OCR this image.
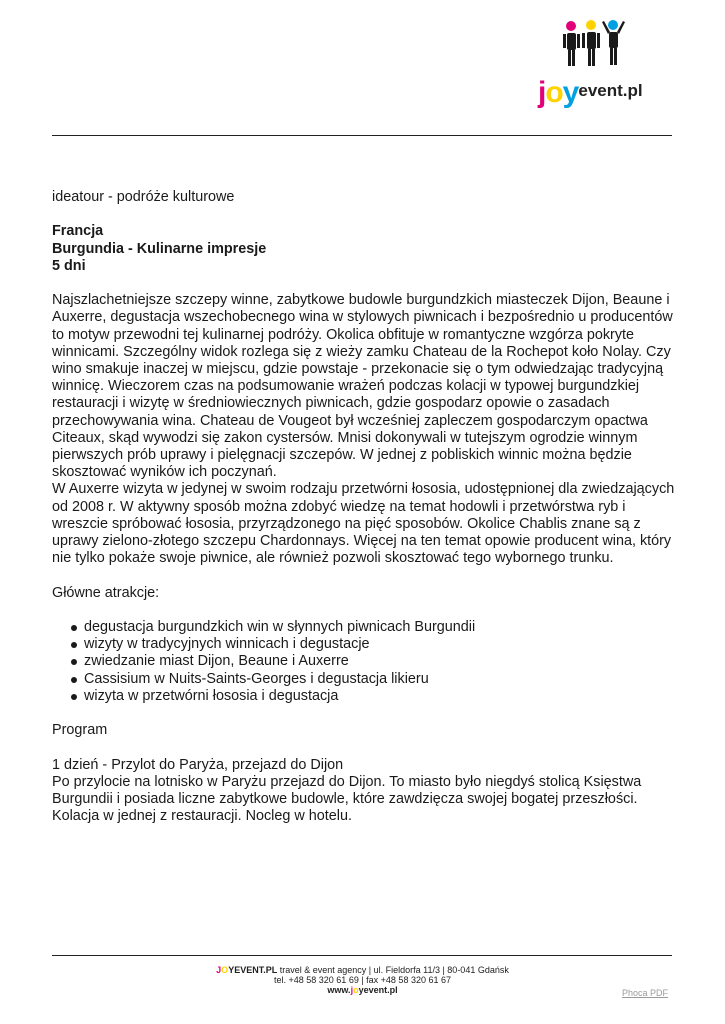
joy$^{event.pl}$

ideatour - podróże kulturowe

Francja

Burgundia - Kulinarne impresje

5 dni

Najszlachetniejsze szczepy winne, zabytkowe budowle burgundzkich miasteczek Dijon, Beaune i Auxerre, degustacja wszechobecnego wina w stylowych piwnicach i bezpośrednio u producentów to motyw przewodni tej kulinarnej podróży. Okolica obfituje w romantyczne wzgórza pokryte winnicami. Szczególny widok rozlega się z wieży zamku Chateau de la Rochepot koło Nolay. Czy wino smakuje inaczej w miejscu, gdzie powstaje - przekonacie się o tym odwiedzając tradycyjną winnicę. Wieczorem czas na podsumowanie wrażeń podczas kolacji w typowej burgundzkiej restauracji i wizytę w średniowiecznych piwnicach, gdzie gospodarz opowie o zasadach przechowywania wina. Chateau de Vougeot był wcześniej zapleczem gospodarczym opactwa Citeaux, skąd wywodzi się zakon cystersów. Mnisi dokonywali w tutejszym ogrodzie winnym pierwszych prób uprawy i pielęgnacji szczepów. W jednej z pobliskich winnic można będzie skosztować wyników ich poczynań.

W Auxerre wizyta w jedynej w swoim rodzaju przetwórni łososia, udostępnionej dla zwiedzających od 2008 r. W aktywny sposób można zdobyć wiedzę na temat hodowli i przetwórstwa ryb i wreszcie spróbować łososia, przyrządzonego na pięć sposobów. Okolice Chablis znane są z uprawy zielono-złotego szczepu Chardonnays. Więcej na ten temat opowie producent wina, który nie tylko pokaże swoje piwnice, ale również pozwoli skosztować tego wybornego trunku.

Główne atrakcje:

degustacja burgundzkich win w słynnych piwnicach Burgundii
wizyty w tradycyjnych winnicach i degustacje
zwiedzanie miast Dijon, Beaune i Auxerre
Cassisium w Nuits-Saints-Georges i degustacja likieru
wizyta w przetwórni łososia i degustacja

Program

1 dzień - Przylot do Paryża, przejazd do Dijon

Po przylocie na lotnisko w Paryżu przejazd do Dijon. To miasto było niegdyś stolicą Księstwa Burgundii i posiada liczne zabytkowe budowle, które zawdzięcza swojej bogatej przeszłości. Kolacja w jednej z restauracji. Nocleg w hotelu.

JOYEVENT.PL travel & event agency | ul. Fieldorfa 11/3 | 80-041 Gdańsk
tel. +48 58 320 61 69 | fax +48 58 320 61 67
www.joyevent.pl	Phoca PDF
